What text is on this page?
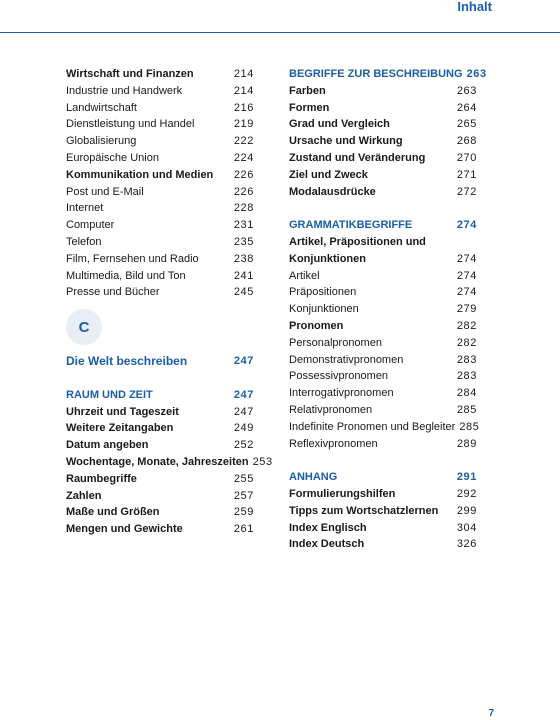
Inhalt
Wirtschaft und Finanzen	214
Industrie und Handwerk	214
Landwirtschaft	216
Dienstleistung und Handel	219
Globalisierung	222
Europäische Union	224
Kommunikation und Medien	226
Post und E-Mail	226
Internet	228
Computer	231
Telefon	235
Film, Fernsehen und Radio	238
Multimedia, Bild und Ton	241
Presse und Bücher	245
C
Die Welt beschreiben	247
RAUM UND ZEIT	247
Uhrzeit und Tageszeit	247
Weitere Zeitangaben	249
Datum angeben	252
Wochentage, Monate, Jahreszeiten 253
Raumbegriffe	255
Zahlen	257
Maße und Größen	259
Mengen und Gewichte	261
BEGRIFFE ZUR BESCHREIBUNG 263
Farben	263
Formen	264
Grad und Vergleich	265
Ursache und Wirkung	268
Zustand und Veränderung	270
Ziel und Zweck	271
Modalausdrücke	272
GRAMMATIKBEGRIFFE	274
Artikel, Präpositionen und Konjunktionen	274
Artikel	274
Präpositionen	274
Konjunktionen	279
Pronomen	282
Personalpronomen	282
Demonstrativpronomen	283
Possessivpronomen	283
Interrogativpronomen	284
Relativpronomen	285
Indefinite Pronomen und Begleiter 285
Reflexivpronomen	289
ANHANG	291
Formulierungshilfen	292
Tipps zum Wortschatzlernen	299
Index Englisch	304
Index Deutsch	326
7
